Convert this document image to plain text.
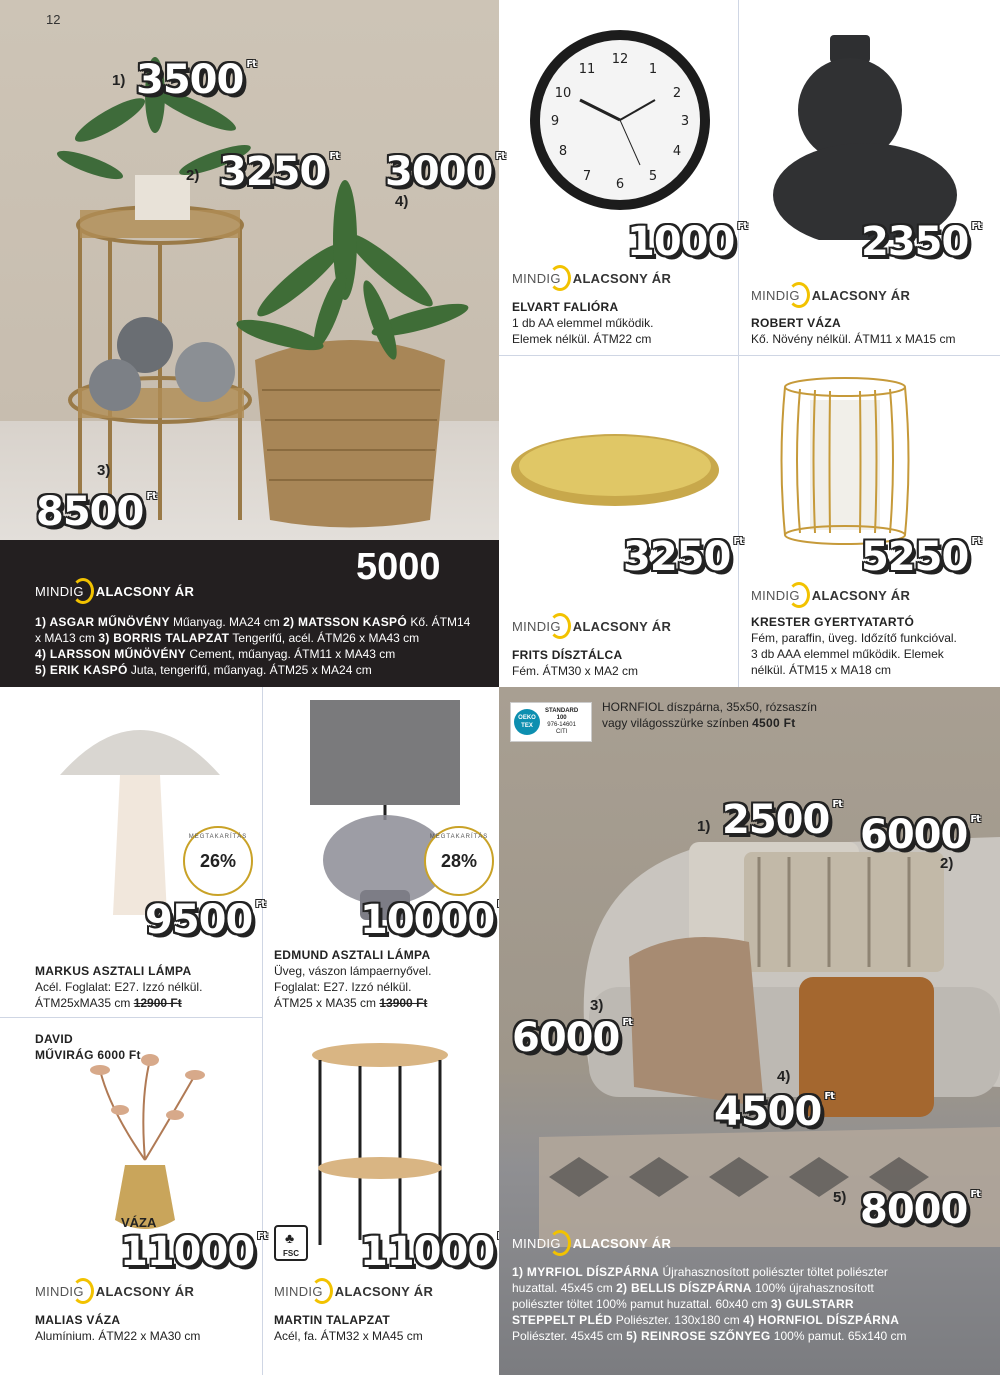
12
1) 3500 $^{Ft}$
2) 3250 $^{Ft}$ 3000 $^{Ft}$
4)
3)
8500 $^{Ft}$
5000
MINDIG ALACSONY ÁR
1) ASGAR MŰNÖVÉNY Műanyag. MA24 cm 2) MATSSON KASPÓ Kő. ÁTM14 x MA13 cm 3) BORRIS TALAPZAT Tengerifű, acél. ÁTM26 x MA43 cm
4) LARSSON MŰNÖVÉNY Cement, műanyag. ÁTM11 x MA43 cm
5) ERIK KASPÓ Juta, tengerifű, műanyag. ÁTM25 x MA24 cm
12
1
2
3
4
5
6
7
8
9
10
11
1000 $^{Ft}$
MINDIG ALACSONY ÁR
ELVART FALIÓRA
1 db AA elemmel működik.
Elemek nélkül. ÁTM22 cm
2350 $^{Ft}$
MINDIG ALACSONY ÁR
ROBERT VÁZA
Kő. Növény nélkül. ÁTM11 x MA15 cm
3250 $^{Ft}$
MINDIG ALACSONY ÁR
FRITS DÍSZTÁLCA
Fém. ÁTM30 x MA2 cm
5250 $^{Ft}$
MINDIG ALACSONY ÁR
KRESTER GYERTYATARTÓ
Fém, paraffin, üveg. Időzítő funkcióval.
3 db AAA elemmel működik. Elemek
nélkül. ÁTM15 x MA18 cm
MEGTAKARÍTÁS
26%
9500 $^{Ft}$
MARKUS ASZTALI LÁMPA
Acél. Foglalat: E27. Izzó nélkül.
ÁTM25xMA35 cm 12900 Ft
MEGTAKARÍTÁS
28%
10000
EDMUND ASZTALI LÁMPA
Üveg, vászon lámpaernyővel.
Foglalat: E27. Izzó nélkül.
ÁTM25 x MA35 cm 13900 Ft
DAVID
MŰVIRÁG 6000 Ft
VÁZA
11000 $^{Ft}$
MINDIG ALACSONY ÁR
MALIAS VÁZA
Alumínium. ÁTM22 x MA30 cm
♣
FSC 11000
MINDIG ALACSONY ÁR
MARTIN TALAPZAT
Acél, fa. ÁTM32 x MA45 cm
OEKO
TEX
STANDARD
100
976-14601
CITI
HORNFIOL díszpárna, 35x50, rózsaszín
vagy világosszürke színben 4500 Ft
1) 2500 $^{Ft}$
6000 $^{Ft}$
2)
3)
6000 $^{Ft}$
4)
4500 $^{Ft}$
5) 8000 $^{Ft}$
MINDIG ALACSONY ÁR
1) MYRFIOL DÍSZPÁRNA Újrahasznosított poliészter töltet poliészter huzattal. 45x45 cm 2) BELLIS DÍSZPÁRNA 100% újrahasznosított poliészter töltet 100% pamut huzattal. 60x40 cm 3) GULSTARR STEPPELT PLÉD Poliészter. 130x180 cm 4) HORNFIOL DÍSZPÁRNA Poliészter. 45x45 cm 5) REINROSE SZŐNYEG 100% pamut. 65x140 cm
